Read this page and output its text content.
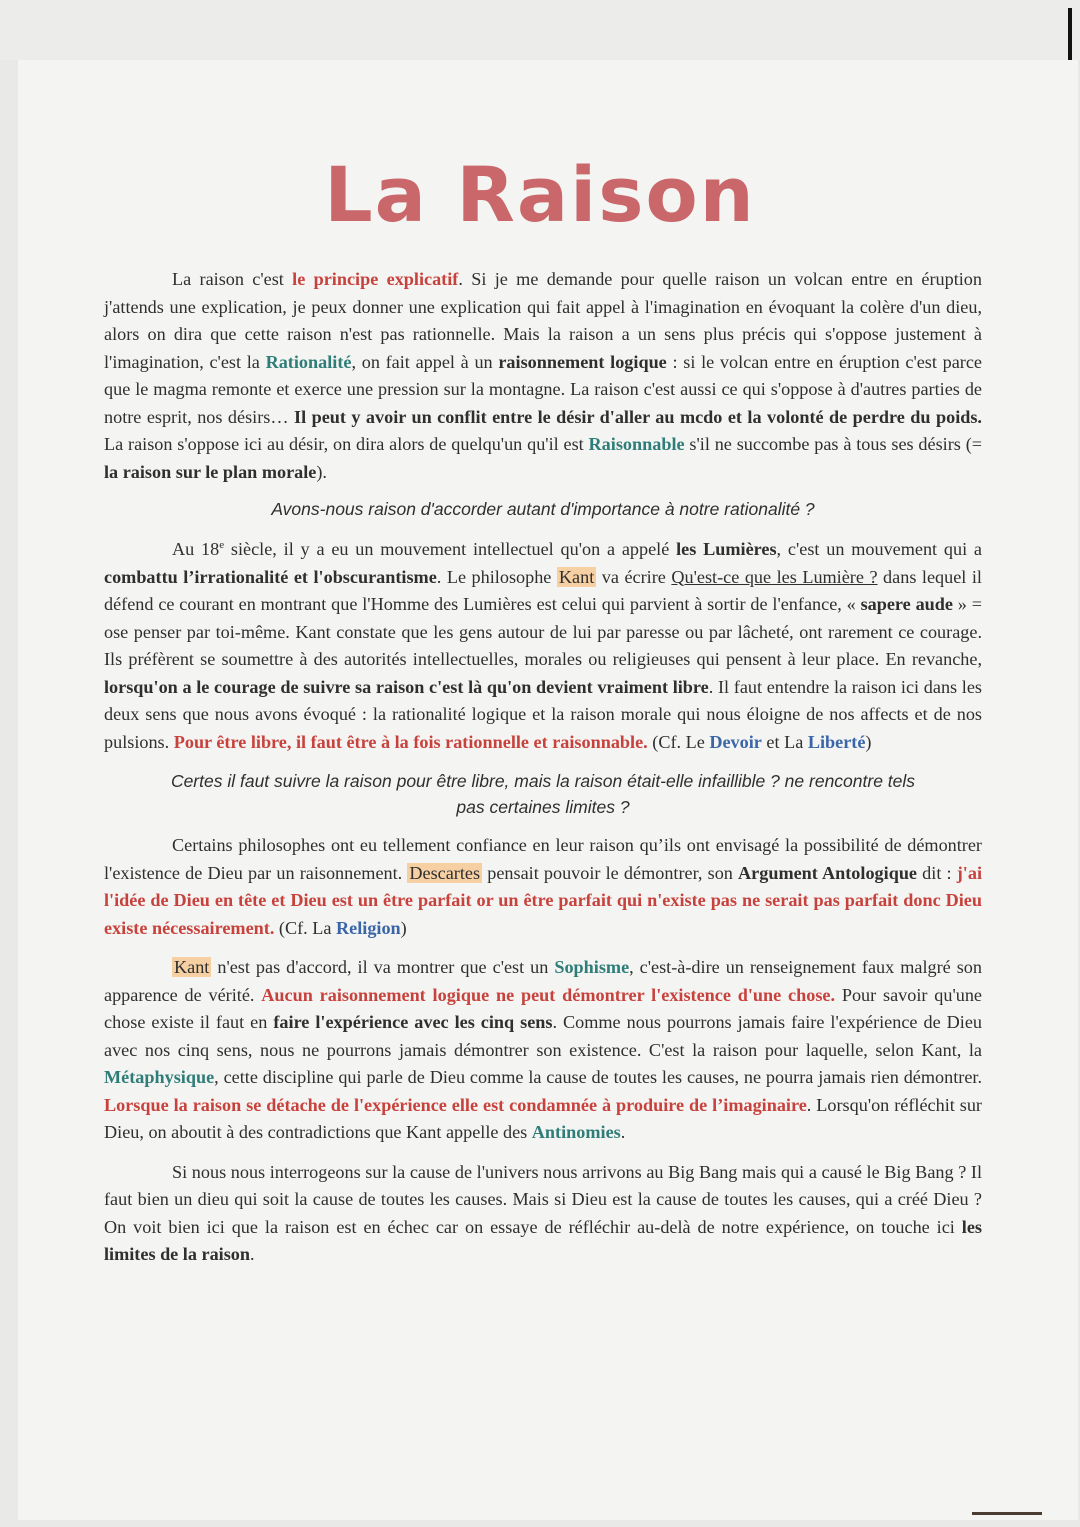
La Raison

La raison c'est le principe explicatif. Si je me demande pour quelle raison un volcan entre en éruption j'attends une explication, je peux donner une explication qui fait appel à l'imagination en évoquant la colère d'un dieu, alors on dira que cette raison n'est pas rationnelle. Mais la raison a un sens plus précis qui s'oppose justement à l'imagination, c'est la Rationalité, on fait appel à un raisonnement logique : si le volcan entre en éruption c'est parce que le magma remonte et exerce une pression sur la montagne. La raison c'est aussi ce qui s'oppose à d'autres parties de notre esprit, nos désirs… Il peut y avoir un conflit entre le désir d'aller au mcdo et la volonté de perdre du poids. La raison s'oppose ici au désir, on dira alors de quelqu'un qu'il est Raisonnable s'il ne succombe pas à tous ses désirs (= la raison sur le plan morale).

Avons-nous raison d'accorder autant d'importance à notre rationalité ?

Au 18e siècle, il y a eu un mouvement intellectuel qu'on a appelé les Lumières, c'est un mouvement qui a combattu l’irrationalité et l'obscurantisme. Le philosophe Kant va écrire Qu'est-ce que les Lumière ? dans lequel il défend ce courant en montrant que l'Homme des Lumières est celui qui parvient à sortir de l'enfance, « sapere aude » = ose penser par toi-même. Kant constate que les gens autour de lui par paresse ou par lâcheté, ont rarement ce courage. Ils préfèrent se soumettre à des autorités intellectuelles, morales ou religieuses qui pensent à leur place. En revanche, lorsqu'on a le courage de suivre sa raison c'est là qu'on devient vraiment libre. Il faut entendre la raison ici dans les deux sens que nous avons évoqué : la rationalité logique et la raison morale qui nous éloigne de nos affects et de nos pulsions. Pour être libre, il faut être à la fois rationnelle et raisonnable. (Cf. Le Devoir et La Liberté)

Certes il faut suivre la raison pour être libre, mais la raison était-elle infaillible ? ne rencontre tels

pas certaines limites ?

Certains philosophes ont eu tellement confiance en leur raison qu’ils ont envisagé la possibilité de démontrer l'existence de Dieu par un raisonnement. Descartes pensait pouvoir le démontrer, son Argument Antologique dit : j'ai l'idée de Dieu en tête et Dieu est un être parfait or un être parfait qui n'existe pas ne serait pas parfait donc Dieu existe nécessairement. (Cf. La Religion)

Kant n'est pas d'accord, il va montrer que c'est un Sophisme, c'est-à-dire un renseignement faux malgré son apparence de vérité. Aucun raisonnement logique ne peut démontrer l'existence d'une chose. Pour savoir qu'une chose existe il faut en faire l'expérience avec les cinq sens. Comme nous pourrons jamais faire l'expérience de Dieu avec nos cinq sens, nous ne pourrons jamais démontrer son existence. C'est la raison pour laquelle, selon Kant, la Métaphysique, cette discipline qui parle de Dieu comme la cause de toutes les causes, ne pourra jamais rien démontrer. Lorsque la raison se détache de l'expérience elle est condamnée à produire de l’imaginaire. Lorsqu'on réfléchit sur Dieu, on aboutit à des contradictions que Kant appelle des Antinomies.

Si nous nous interrogeons sur la cause de l'univers nous arrivons au Big Bang mais qui a causé le Big Bang ? Il faut bien un dieu qui soit la cause de toutes les causes. Mais si Dieu est la cause de toutes les causes, qui a créé Dieu ? On voit bien ici que la raison est en échec car on essaye de réfléchir au-delà de notre expérience, on touche ici les limites de la raison.
